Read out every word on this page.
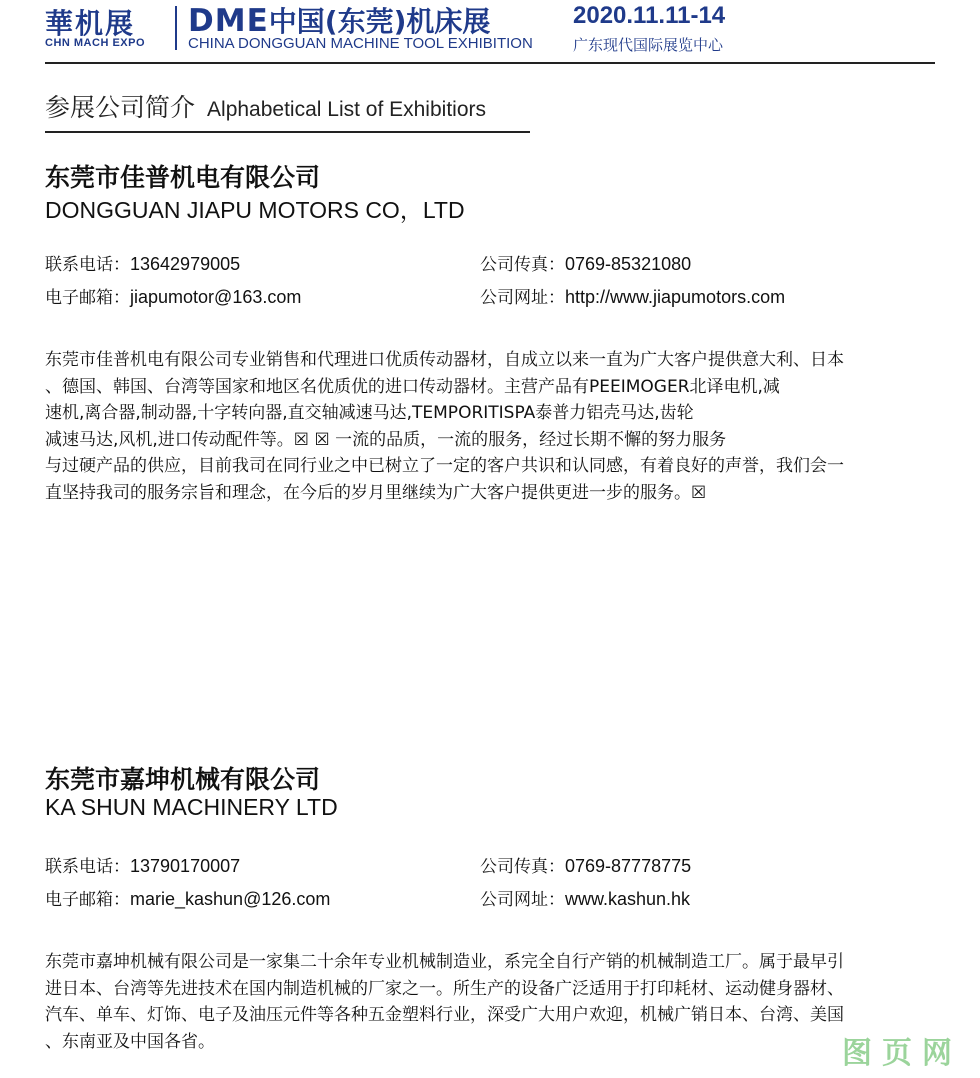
華机展
CHN MACH EXPO
DME中国(东莞)机床展	2020.11.11-14
CHINA DONGGUAN MACHINE TOOL EXHIBITION	广东现代国际展览中心
参展公司简介 Alphabetical List of Exhibitiors
东莞市佳普机电有限公司
DONGGUAN JIAPU MOTORS CO，LTD
联系电话：13642979005	公司传真：0769-85321080
电子邮箱：jiapumotor@163.com	公司网址：http://www.jiapumotors.com
东莞市佳普机电有限公司专业销售和代理进口优质传动器材，自成立以来一直为广大客户提供意大利、日本
、德国、韩国、台湾等国家和地区名优质优的进口传动器材。主营产品有PEEIMOGER北译电机,减
速机,离合器,制动器,十字转向器,直交轴减速马达,TEMPORITISPA泰普力铝壳马达,齿轮
减速马达,风机,进口传动配件等。☒ ☒ 一流的品质，一流的服务，经过长期不懈的努力服务
与过硬产品的供应，目前我司在同行业之中已树立了一定的客户共识和认同感，有着良好的声誉，我们会一
直坚持我司的服务宗旨和理念，在今后的岁月里继续为广大客户提供更进一步的服务。☒
东莞市嘉坤机械有限公司
KA SHUN MACHINERY LTD
联系电话：13790170007	公司传真：0769-87778775
电子邮箱：marie_kashun@126.com	公司网址：www.kashun.hk
东莞市嘉坤机械有限公司是一家集二十余年专业机械制造业，系完全自行产销的机械制造工厂。属于最早引
进日本、台湾等先进技术在国内制造机械的厂家之一。所生产的设备广泛适用于打印耗材、运动健身器材、
汽车、单车、灯饰、电子及油压元件等各种五金塑料行业，深受广大用户欢迎，机械广销日本、台湾、美国
、东南亚及中国各省。	图页网
